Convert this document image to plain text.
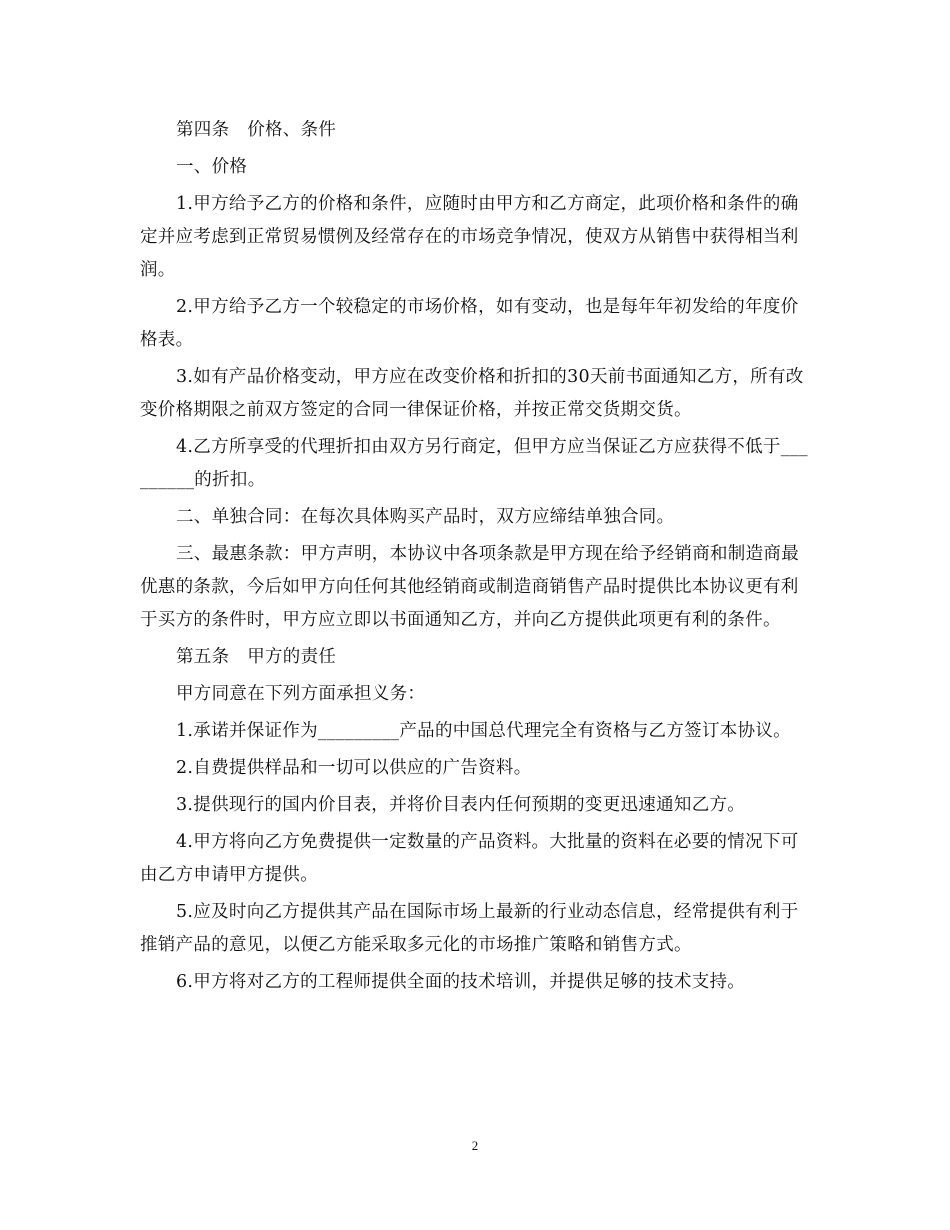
第四条　价格、条件

一、价格

1.甲方给予乙方的价格和条件，应随时由甲方和乙方商定，此项价格和条件的确定并应考虑到正常贸易惯例及经常存在的市场竞争情况，使双方从销售中获得相当利润。

2.甲方给予乙方一个较稳定的市场价格，如有变动，也是每年年初发给的年度价格表。

3.如有产品价格变动，甲方应在改变价格和折扣的30天前书面通知乙方，所有改变价格期限之前双方签定的合同一律保证价格，并按正常交货期交货。

4.乙方所享受的代理折扣由双方另行商定，但甲方应当保证乙方应获得不低于_________的折扣。

二、单独合同：在每次具体购买产品时，双方应缔结单独合同。

三、最惠条款：甲方声明，本协议中各项条款是甲方现在给予经销商和制造商最优惠的条款，今后如甲方向任何其他经销商或制造商销售产品时提供比本协议更有利于买方的条件时，甲方应立即以书面通知乙方，并向乙方提供此项更有利的条件。

第五条　甲方的责任

甲方同意在下列方面承担义务：

1.承诺并保证作为_________产品的中国总代理完全有资格与乙方签订本协议。

2.自费提供样品和一切可以供应的广告资料。

3.提供现行的国内价目表，并将价目表内任何预期的变更迅速通知乙方。

4.甲方将向乙方免费提供一定数量的产品资料。大批量的资料在必要的情况下可由乙方申请甲方提供。

5.应及时向乙方提供其产品在国际市场上最新的行业动态信息，经常提供有利于推销产品的意见，以便乙方能采取多元化的市场推广策略和销售方式。

6.甲方将对乙方的工程师提供全面的技术培训，并提供足够的技术支持。

2
